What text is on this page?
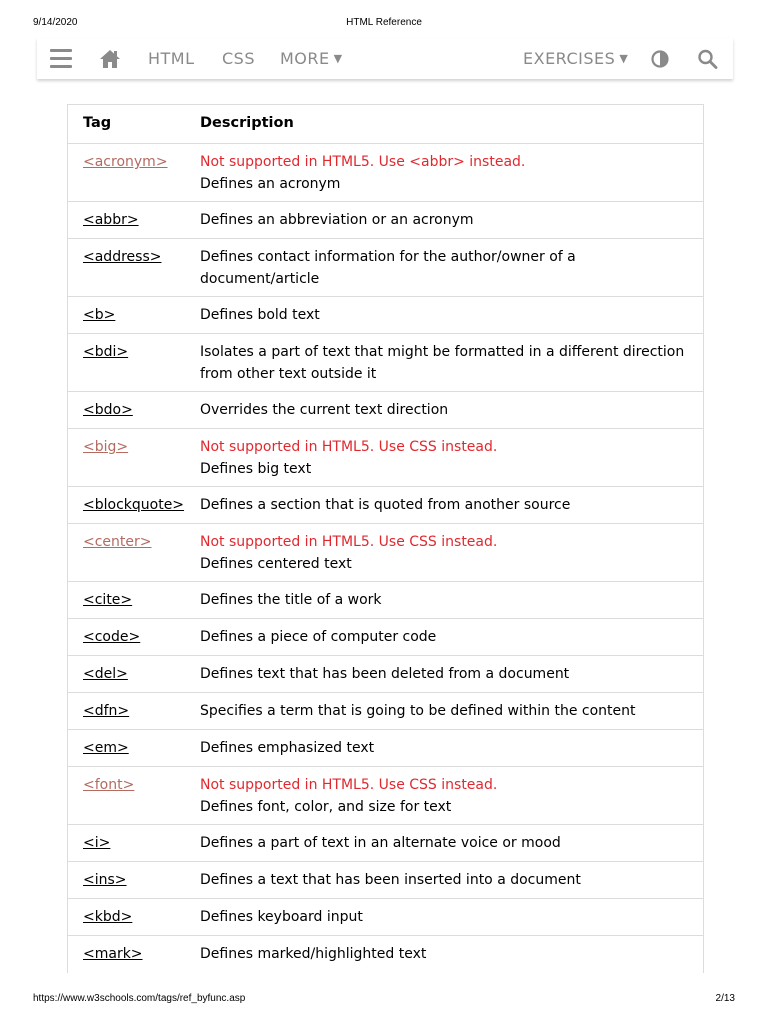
9/14/2020	HTML Reference
HTML CSS MORE ▼	EXERCISES ▼
Tag	Description
<acronym>	Not supported in HTML5. Use <abbr> instead.
Defines an acronym

<abbr>	Defines an abbreviation or an acronym

<address>	Defines contact information for the author/owner of a document/article

<b>	Defines bold text

<bdi>	Isolates a part of text that might be formatted in a different direction from other text outside it

<bdo>	Overrides the current text direction

<big>	Not supported in HTML5. Use CSS instead.
Defines big text

<blockquote>	Defines a section that is quoted from another source

<center>	Not supported in HTML5. Use CSS instead.
Defines centered text

<cite>	Defines the title of a work

<code>	Defines a piece of computer code

<del>	Defines text that has been deleted from a document

<dfn>	Specifies a term that is going to be defined within the content

<em>	Defines emphasized text

<font>	Not supported in HTML5. Use CSS instead.
Defines font, color, and size for text

<i>	Defines a part of text in an alternate voice or mood

<ins>	Defines a text that has been inserted into a document

<kbd>	Defines keyboard input

<mark>	Defines marked/highlighted text
https://www.w3schools.com/tags/ref_byfunc.asp	2/13
